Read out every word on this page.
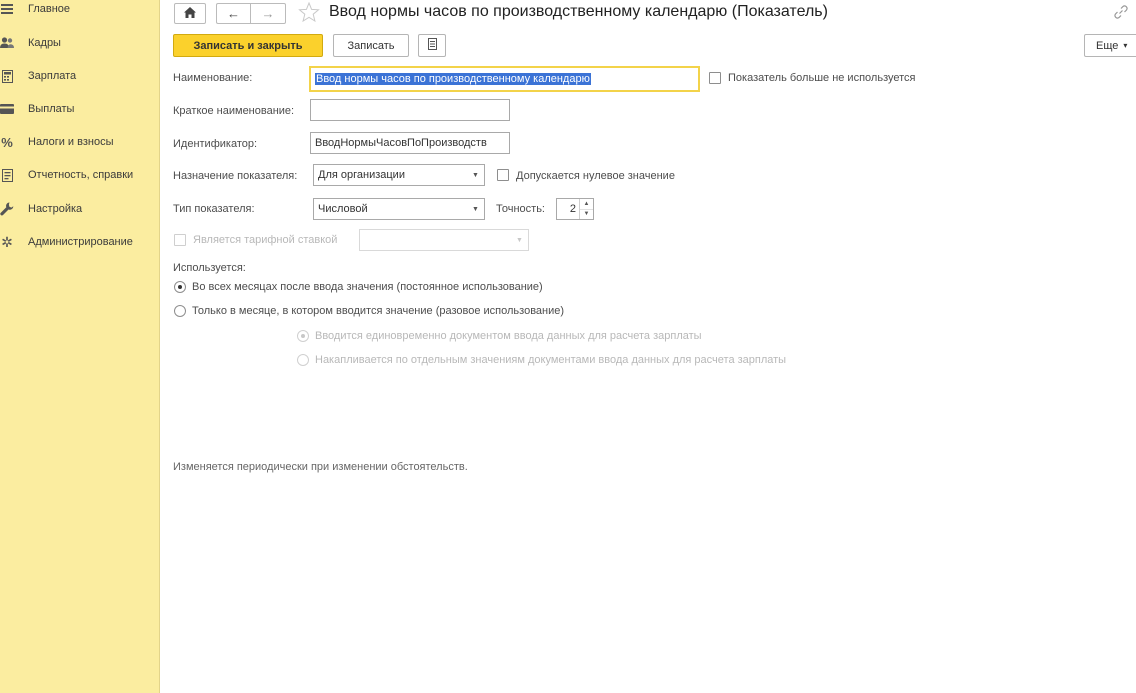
Главное
Кадры
Зарплата
Выплаты
% Налоги и взносы
Отчетность, справки
Настройка
✲ Администрирование
← →	Ввод нормы часов по производственному календарю (Показатель)
Записать и закрыть	Записать	Еще ▾
Наименование:	Ввод нормы часов по производственному календарю	Показатель больше не используется
Краткое наименование:
Идентификатор:	ВводНормыЧасовПоПроизводств
Назначение показателя:	Для организации	▼	Допускается нулевое значение
Тип показателя:	Числовой	▼ Точность:	2	▲
▼
Является тарифной ставкой	▼
Используется:
Во всех месяцах после ввода значения (постоянное использование)
Только в месяце, в котором вводится значение (разовое использование)
Вводится единовременно документом ввода данных для расчета зарплаты
Накапливается по отдельным значениям документами ввода данных для расчета зарплаты
Изменяется периодически при изменении обстоятельств.
